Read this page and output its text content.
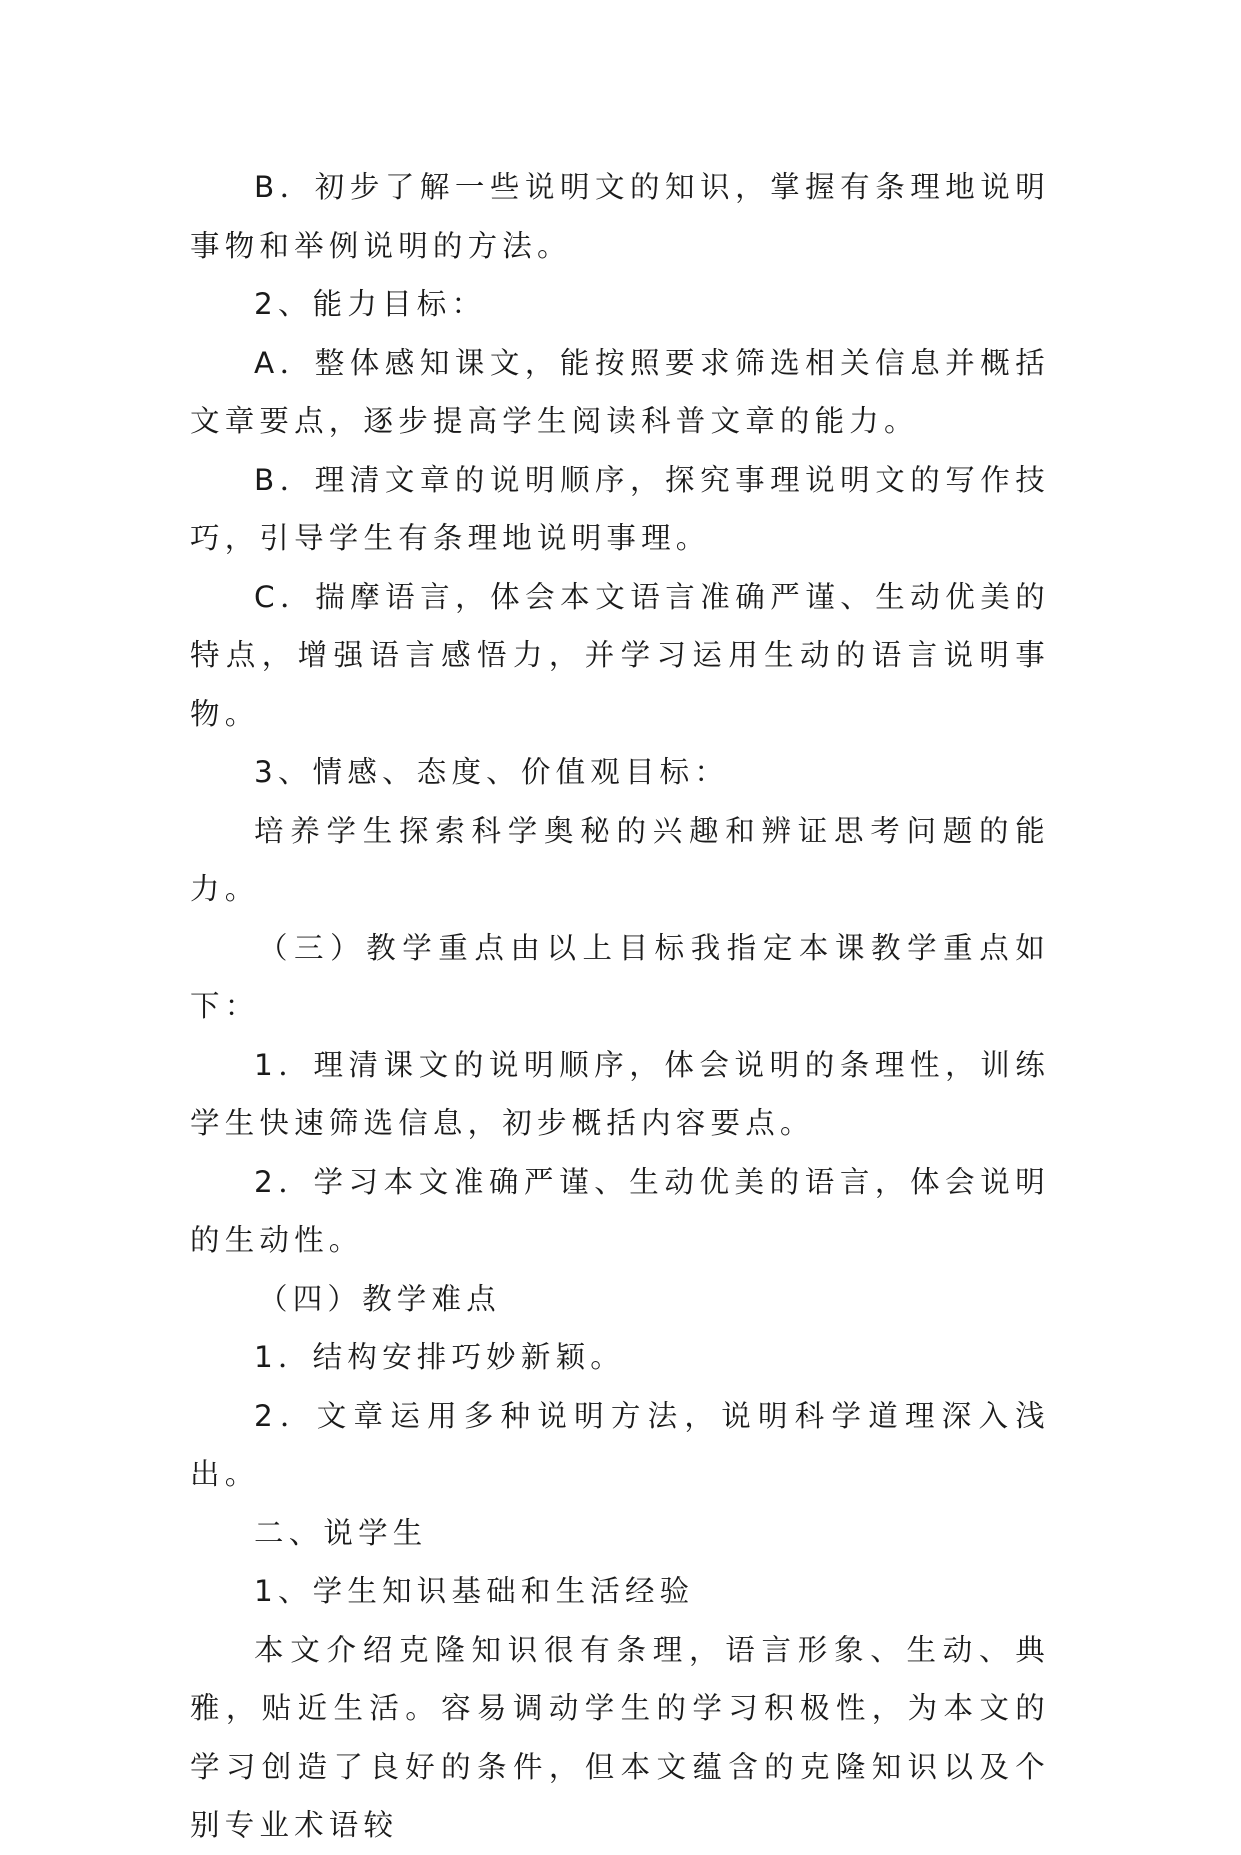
B．初步了解一些说明文的知识，掌握有条理地说明事物和举例说明的方法。

2、能力目标：

A．整体感知课文，能按照要求筛选相关信息并概括文章要点，逐步提高学生阅读科普文章的能力。

B．理清文章的说明顺序，探究事理说明文的写作技巧，引导学生有条理地说明事理。

C．揣摩语言，体会本文语言准确严谨、生动优美的特点，增强语言感悟力，并学习运用生动的语言说明事物。

3、情感、态度、价值观目标：

培养学生探索科学奥秘的兴趣和辨证思考问题的能力。

（三）教学重点由以上目标我指定本课教学重点如下：

1．理清课文的说明顺序，体会说明的条理性，训练学生快速筛选信息，初步概括内容要点。

2．学习本文准确严谨、生动优美的语言，体会说明的生动性。

（四）教学难点

1．结构安排巧妙新颖。

2．文章运用多种说明方法，说明科学道理深入浅出。

二、说学生

1、学生知识基础和生活经验

本文介绍克隆知识很有条理，语言形象、生动、典雅，贴近生活。容易调动学生的学习积极性，为本文的学习创造了良好的条件，但本文蕴含的克隆知识以及个别专业术语较
